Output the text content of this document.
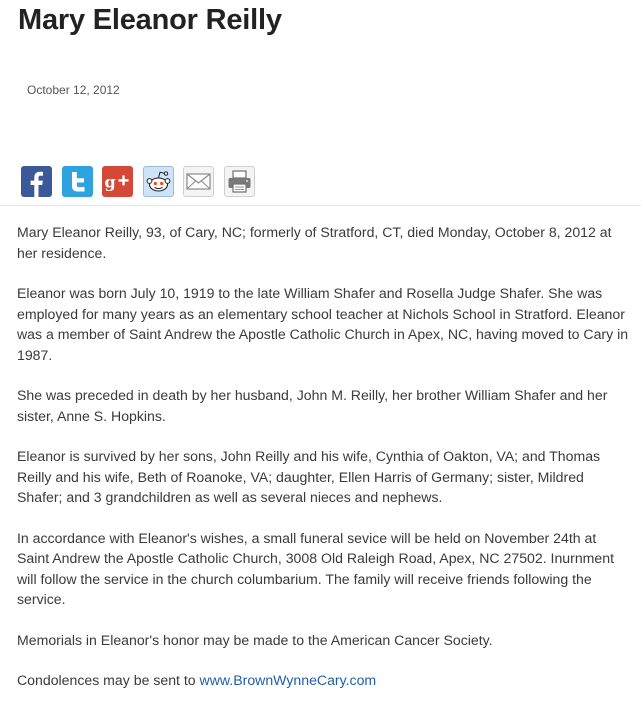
Mary Eleanor Reilly
October 12, 2012
g

Mary Eleanor Reilly, 93, of Cary, NC; formerly of Stratford, CT, died Monday, October 8, 2012 at her residence.

Eleanor was born July 10, 1919 to the late William Shafer and Rosella Judge Shafer. She was employed for many years as an elementary school teacher at Nichols School in Stratford. Eleanor was a member of Saint Andrew the Apostle Catholic Church in Apex, NC, having moved to Cary in 1987.

She was preceded in death by her husband, John M. Reilly, her brother William Shafer and her sister, Anne S. Hopkins.

Eleanor is survived by her sons, John Reilly and his wife, Cynthia of Oakton, VA; and Thomas Reilly and his wife, Beth of Roanoke, VA; daughter, Ellen Harris of Germany; sister, Mildred Shafer; and 3 grandchildren as well as several nieces and nephews.

In accordance with Eleanor's wishes, a small funeral sevice will be held on November 24th at Saint Andrew the Apostle Catholic Church, 3008 Old Raleigh Road, Apex, NC 27502. Inurnment will follow the service in the church columbarium. The family will receive friends following the service.

Memorials in Eleanor's honor may be made to the American Cancer Society.

Condolences may be sent to www.BrownWynneCary.com
